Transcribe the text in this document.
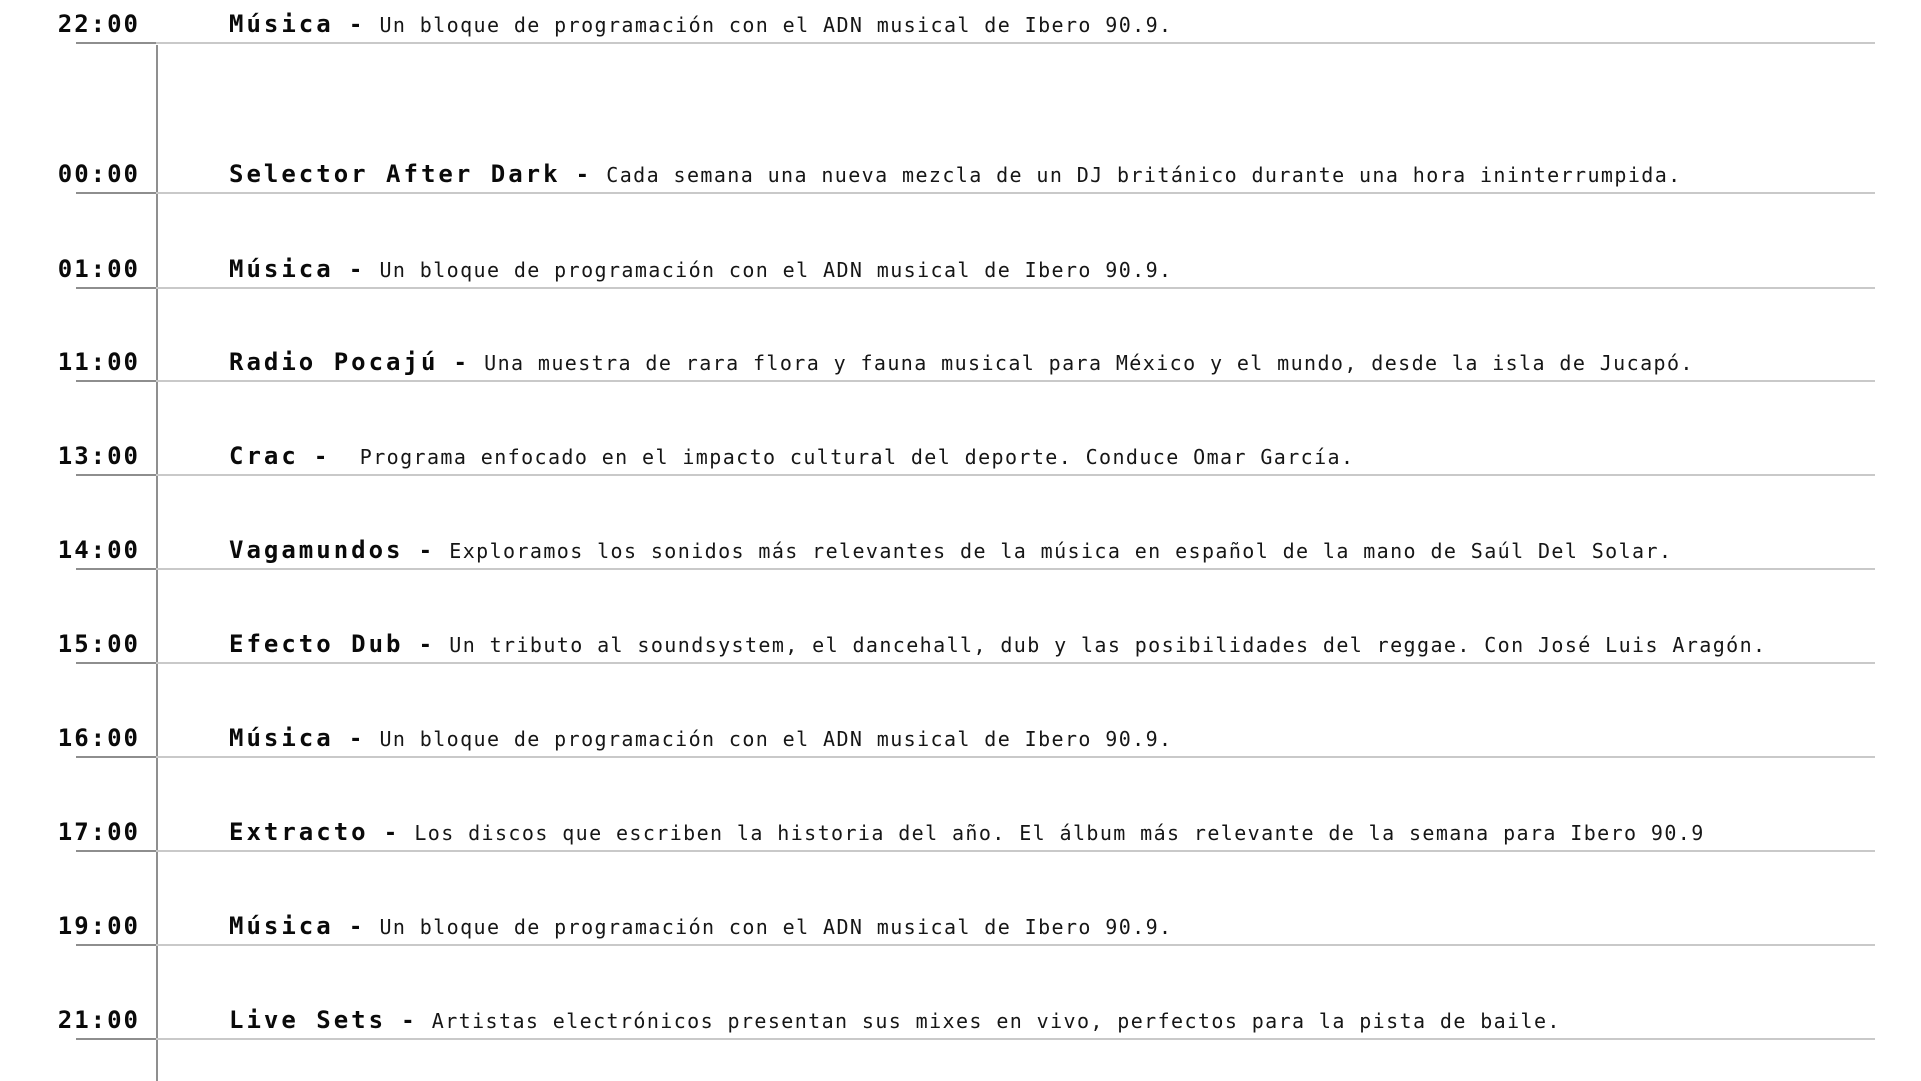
00:00	Selector After Dark - Cada semana una nueva mezcla de un DJ británico durante una hora ininterrumpida.
01:00	Música - Un bloque de programación con el ADN musical de Ibero 90.9.
11:00	Radio Pocajú - Una muestra de rara flora y fauna musical para México y el mundo, desde la isla de Jucapó.
13:00	Crac -  Programa enfocado en el impacto cultural del deporte. Conduce Omar García.
14:00	Vagamundos - Exploramos los sonidos más relevantes de la música en español de la mano de Saúl Del Solar.
15:00	Efecto Dub - Un tributo al soundsystem, el dancehall, dub y las posibilidades del reggae. Con José Luis Aragón.
16:00	Música - Un bloque de programación con el ADN musical de Ibero 90.9.
17:00	Extracto - Los discos que escriben la historia del año. El álbum más relevante de la semana para Ibero 90.9
19:00	Música - Un bloque de programación con el ADN musical de Ibero 90.9.
21:00	Live Sets - Artistas electrónicos presentan sus mixes en vivo, perfectos para la pista de baile.
22:00	Música - Un bloque de programación con el ADN musical de Ibero 90.9.
